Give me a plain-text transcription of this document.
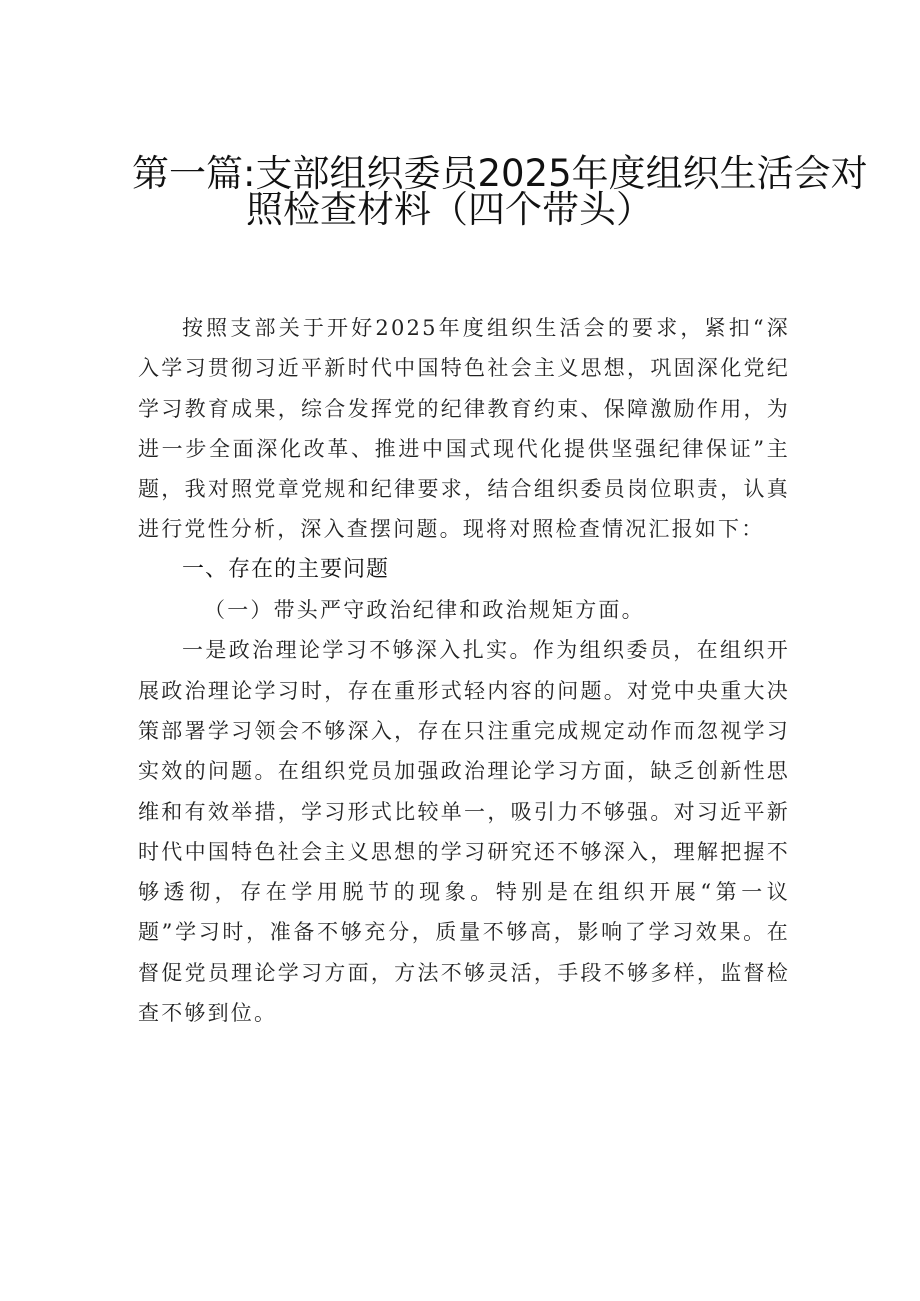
第一篇:支部组织委员2025年度组织生活会对
照检查材料（四个带头）

按照支部关于开好2025年度组织生活会的要求，紧扣“深入学习贯彻习近平新时代中国特色社会主义思想，巩固深化党纪学习教育成果，综合发挥党的纪律教育约束、保障激励作用，为进一步全面深化改革、推进中国式现代化提供坚强纪律保证”主题，我对照党章党规和纪律要求，结合组织委员岗位职责，认真进行党性分析，深入查摆问题。现将对照检查情况汇报如下：

一、存在的主要问题

（一）带头严守政治纪律和政治规矩方面。

一是政治理论学习不够深入扎实。作为组织委员，在组织开展政治理论学习时，存在重形式轻内容的问题。对党中央重大决策部署学习领会不够深入，存在只注重完成规定动作而忽视学习实效的问题。在组织党员加强政治理论学习方面，缺乏创新性思维和有效举措，学习形式比较单一，吸引力不够强。对习近平新时代中国特色社会主义思想的学习研究还不够深入，理解把握不够透彻，存在学用脱节的现象。特别是在组织开展“第一议题”学习时，准备不够充分，质量不够高，影响了学习效果。在督促党员理论学习方面，方法不够灵活，手段不够多样，监督检查不够到位。
